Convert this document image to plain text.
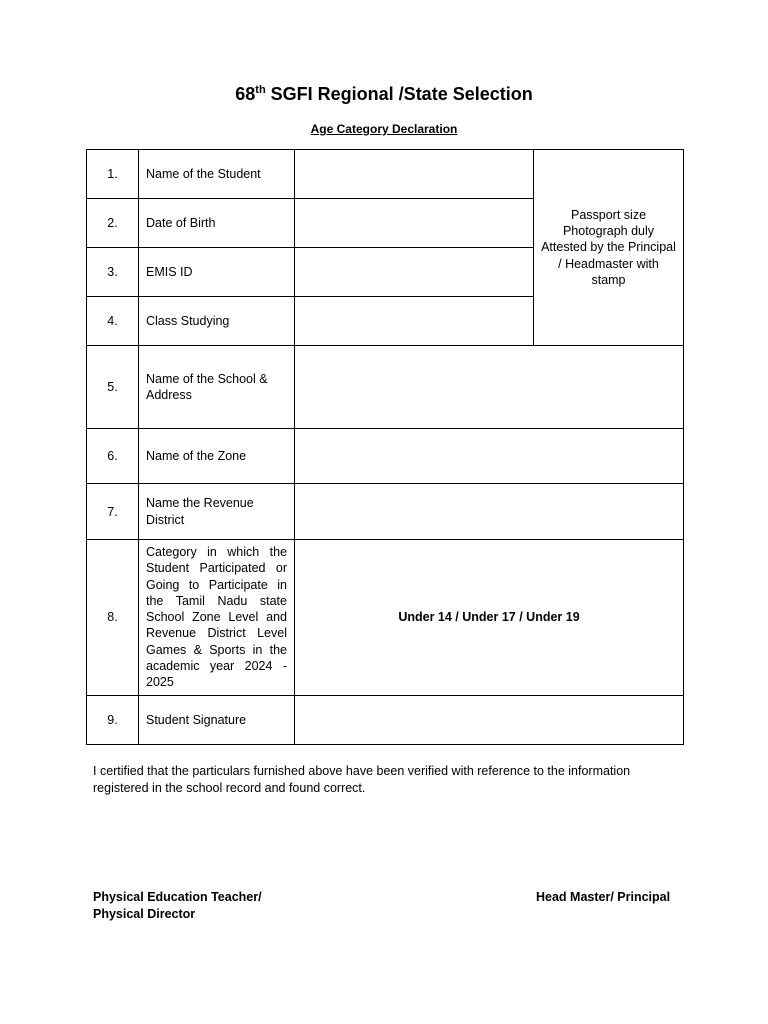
68th SGFI Regional /State Selection
Age Category Declaration
1.	Name of the Student		Passport size Photograph duly Attested by the Principal / Headmaster with stamp
2.	Date of Birth		
3.	EMIS ID		
4.	Class Studying		
5.	Name of the School & Address		
6.	Name of the Zone		
7.	Name the Revenue District		
8.	Category in which the Student Participated or Going to Participate in the Tamil Nadu state School Zone Level and Revenue District Level Games & Sports in the academic year 2024 - 2025	Under 14 / Under 17 / Under 19	
9.	Student Signature		
I certified that the particulars furnished above have been verified with reference to the information registered in the school record and found correct.
Physical Education Teacher/
Physical Director
Head Master/ Principal
